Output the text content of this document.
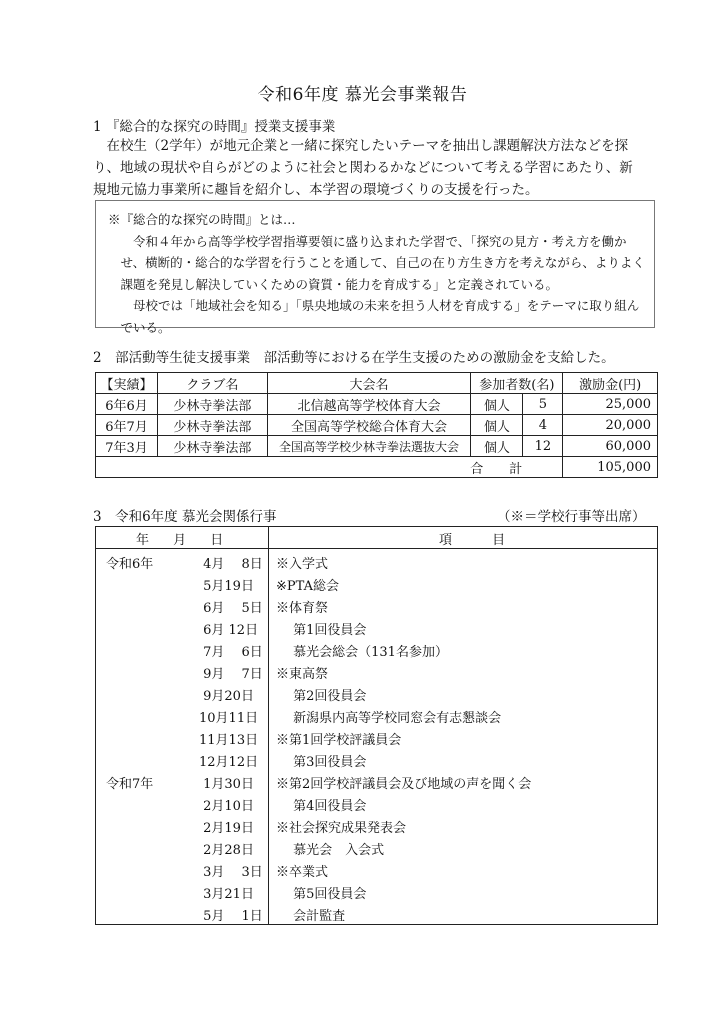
令和6年度 慕光会事業報告
1 『総合的な探究の時間』授業支援事業
　在校生（2学年）が地元企業と一緒に探究したいテーマを抽出し課題解決方法などを探
り、地域の現状や自らがどのように社会と関わるかなどについて考える学習にあたり、新
規地元協力事業所に趣旨を紹介し、本学習の環境づくりの支援を行った。
※『総合的な探究の時間』とは…
　　令和４年から高等学校学習指導要領に盛り込まれた学習で、「探究の見方・考え方を働か
　せ、横断的・総合的な学習を行うことを通して、自己の在り方生き方を考えながら、よりよく
　課題を発見し解決していくための資質・能力を育成する」と定義されている。
　　母校では「地域社会を知る」「県央地域の未来を担う人材を育成する」をテーマに取り組ん
　でいる。
2　部活動等生徒支援事業　部活動等における在学生支援のための激励金を支給した。
【実績】	クラブ名	大会名	参加者数(名)		激励金(円)
6年6月	少林寺拳法部	北信越高等学校体育大会	個人	5	25,000
6年7月	少林寺拳法部	全国高等学校総合体育大会	個人	4	20,000
7年3月	少林寺拳法部	全国高等学校少林寺拳法選抜大会	個人	12	60,000
合　　計					105,000
3　令和6年度 慕光会関係行事	（※＝学校行事等出席）
年 月 日	項 目
令和6年	4月　 8日 ※入学式
5月19日	※PTA総会
6月　 5日 ※体育祭
6月 12日	　 第1回役員会
7月　 6日 　 慕光会総会（131名参加）
9月　 7日 ※東高祭
9月20日	　 第2回役員会
10月11日	　 新潟県内高等学校同窓会有志懇談会
11月13日	※第1回学校評議員会
12月12日	　 第3回役員会
令和7年	1月30日	※第2回学校評議員会及び地域の声を聞く会
2月10日	　 第4回役員会
2月19日	※社会探究成果発表会
2月28日	　 慕光会　入会式
3月　 3日 ※卒業式
3月21日	　 第5回役員会
5月　 1日 　 会計監査
